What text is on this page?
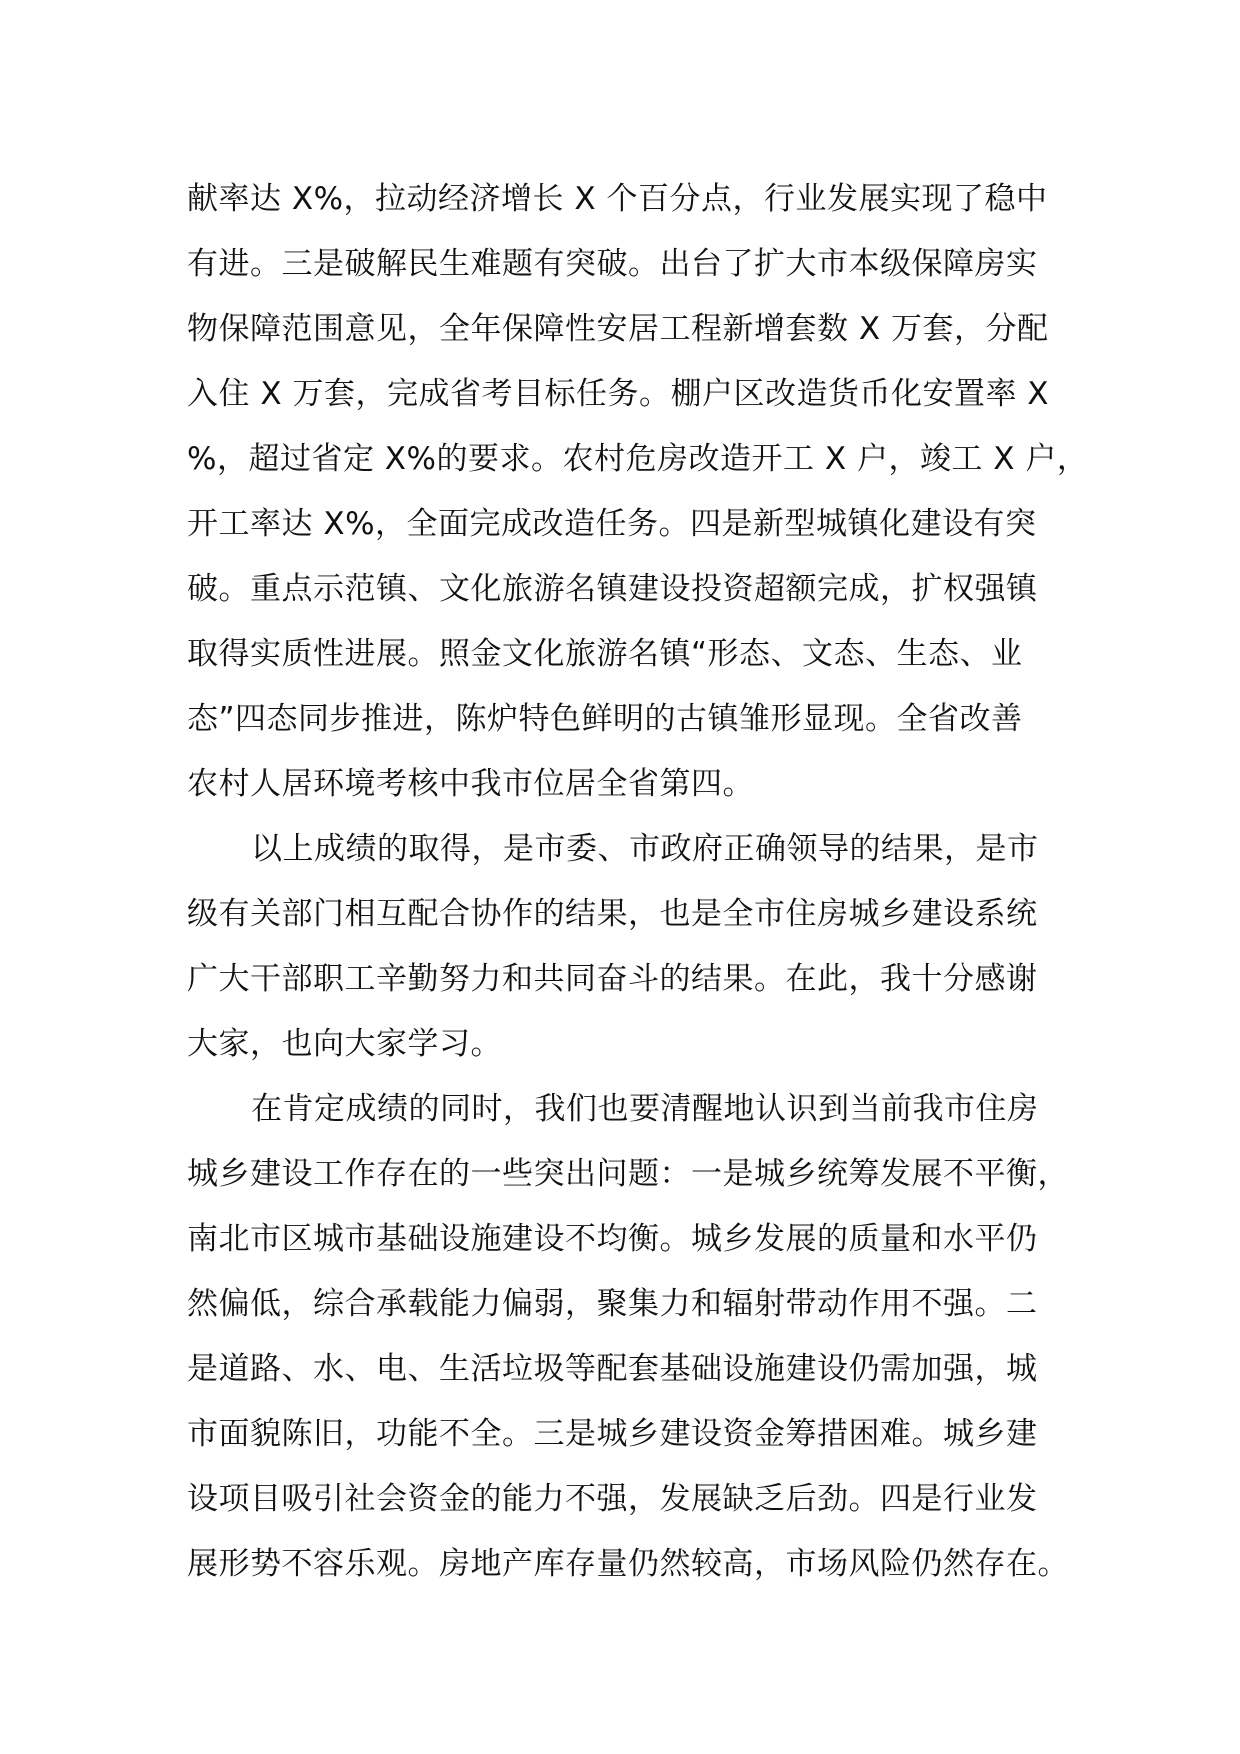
献率达 X%，拉动经济增长 X 个百分点，行业发展实现了稳中
有进。三是破解民生难题有突破。出台了扩大市本级保障房实
物保障范围意见，全年保障性安居工程新增套数 X 万套，分配
入住 X 万套，完成省考目标任务。棚户区改造货币化安置率 X
%，超过省定 X%的要求。农村危房改造开工 X 户，竣工 X 户，
开工率达 X%，全面完成改造任务。四是新型城镇化建设有突
破。重点示范镇、文化旅游名镇建设投资超额完成，扩权强镇
取得实质性进展。照金文化旅游名镇“形态、文态、生态、业
态”四态同步推进，陈炉特色鲜明的古镇雏形显现。全省改善
农村人居环境考核中我市位居全省第四。
以上成绩的取得，是市委、市政府正确领导的结果，是市
级有关部门相互配合协作的结果，也是全市住房城乡建设系统
广大干部职工辛勤努力和共同奋斗的结果。在此，我十分感谢
大家，也向大家学习。
在肯定成绩的同时，我们也要清醒地认识到当前我市住房
城乡建设工作存在的一些突出问题：一是城乡统筹发展不平衡，
南北市区城市基础设施建设不均衡。城乡发展的质量和水平仍
然偏低，综合承载能力偏弱，聚集力和辐射带动作用不强。二
是道路、水、电、生活垃圾等配套基础设施建设仍需加强，城
市面貌陈旧，功能不全。三是城乡建设资金筹措困难。城乡建
设项目吸引社会资金的能力不强，发展缺乏后劲。四是行业发
展形势不容乐观。房地产库存量仍然较高，市场风险仍然存在。
